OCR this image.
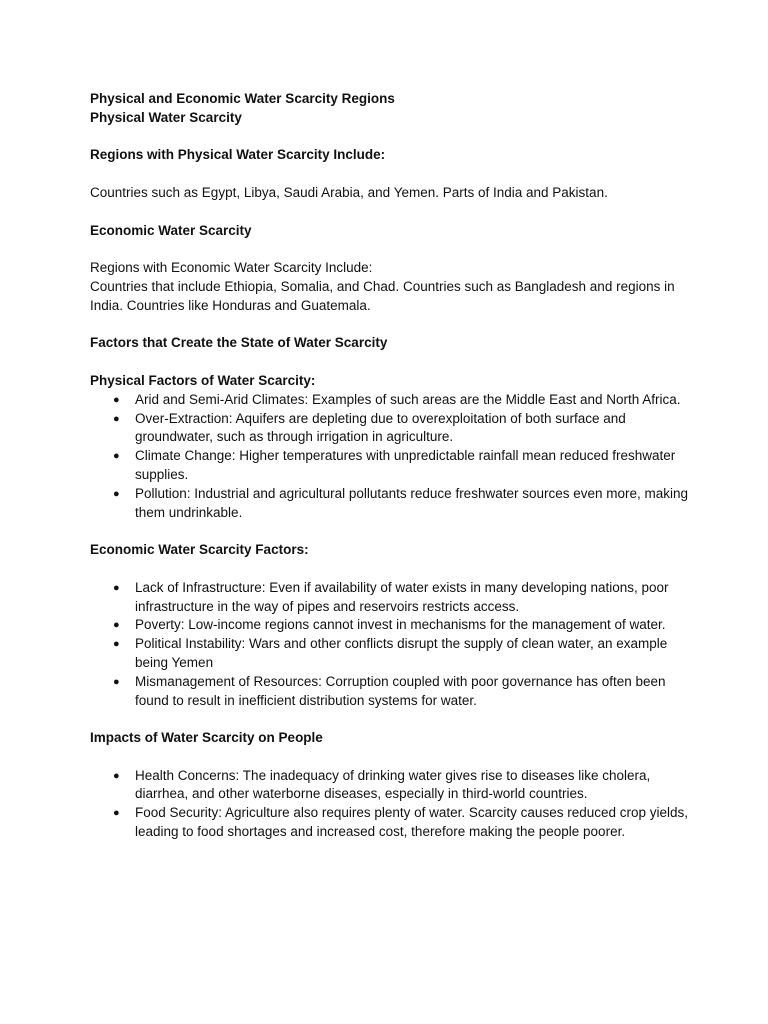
Physical and Economic Water Scarcity Regions

Physical Water Scarcity

Regions with Physical Water Scarcity Include:

Countries such as Egypt, Libya, Saudi Arabia, and Yemen. Parts of India and Pakistan.

Economic Water Scarcity

Regions with Economic Water Scarcity Include:

Countries that include Ethiopia, Somalia, and Chad. Countries such as Bangladesh and regions in India. Countries like Honduras and Guatemala.

Factors that Create the State of Water Scarcity

Physical Factors of Water Scarcity:

● Arid and Semi-Arid Climates: Examples of such areas are the Middle East and North Africa.
● Over-Extraction: Aquifers are depleting due to overexploitation of both surface and groundwater, such as through irrigation in agriculture.
● Climate Change: Higher temperatures with unpredictable rainfall mean reduced freshwater supplies.
● Pollution: Industrial and agricultural pollutants reduce freshwater sources even more, making them undrinkable.

Economic Water Scarcity Factors:

● Lack of Infrastructure: Even if availability of water exists in many developing nations, poor infrastructure in the way of pipes and reservoirs restricts access.
● Poverty: Low-income regions cannot invest in mechanisms for the management of water.
● Political Instability: Wars and other conflicts disrupt the supply of clean water, an example being Yemen
● Mismanagement of Resources: Corruption coupled with poor governance has often been found to result in inefficient distribution systems for water.

Impacts of Water Scarcity on People

● Health Concerns: The inadequacy of drinking water gives rise to diseases like cholera, diarrhea, and other waterborne diseases, especially in third-world countries.
● Food Security: Agriculture also requires plenty of water. Scarcity causes reduced crop yields, leading to food shortages and increased cost, therefore making the people poorer.
